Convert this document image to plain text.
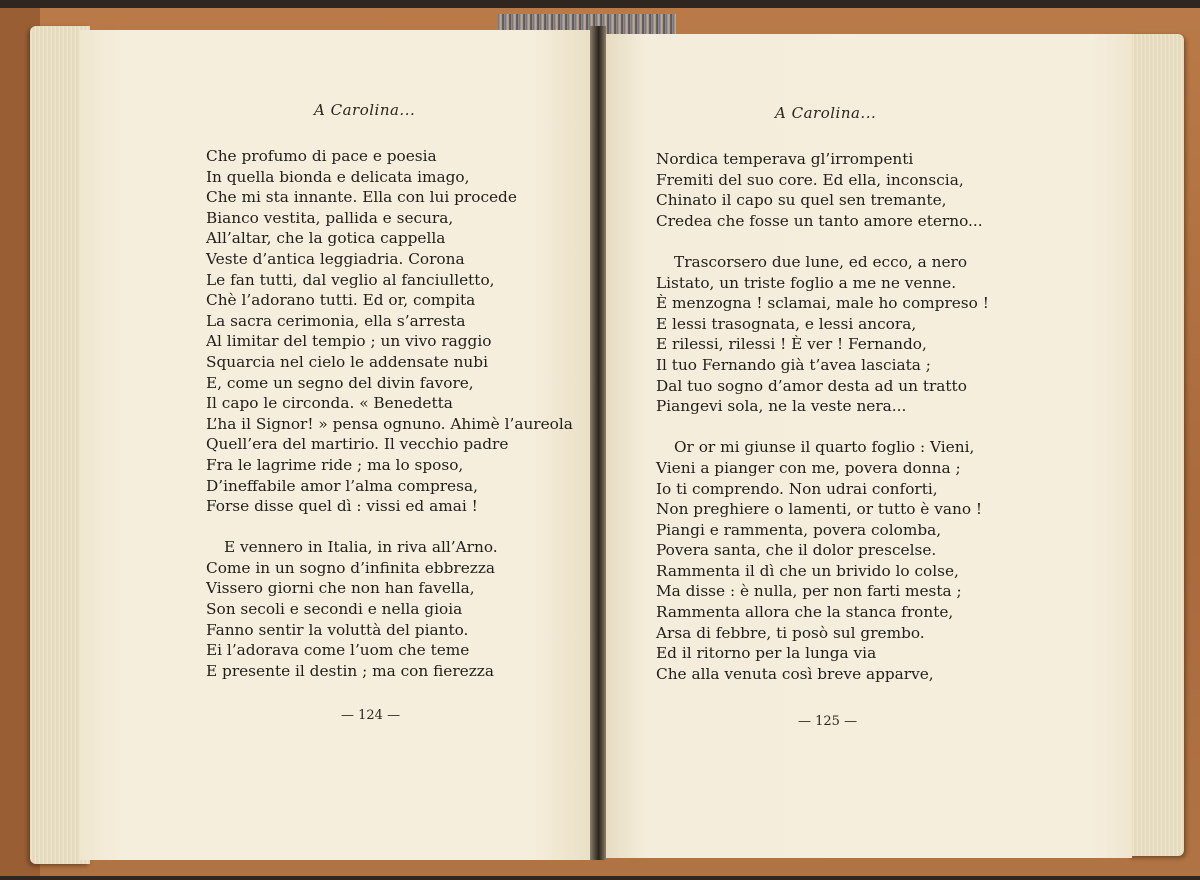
A Carolina...
Che profumo di pace e poesia
In quella bionda e delicata imago,
Che mi sta innante. Ella con lui procede
Bianco vestita, pallida e secura,
All’altar, che la gotica cappella
Veste d’antica leggiadria. Corona
Le fan tutti, dal veglio al fanciulletto,
Chè l’adorano tutti. Ed or, compita
La sacra cerimonia, ella s’arresta
Al limitar del tempio ; un vivo raggio
Squarcia nel cielo le addensate nubi
E, come un segno del divin favore,
Il capo le circonda. « Benedetta
L’ha il Signor! » pensa ognuno. Ahimè l’aureola
Quell’era del martirio. Il vecchio padre
Fra le lagrime ride ; ma lo sposo,
D’ineffabile amor l’alma compresa,
Forse disse quel dì : vissi ed amai !
E vennero in Italia, in riva all’Arno.
Come in un sogno d’infinita ebbrezza
Vissero giorni che non han favella,
Son secoli e secondi e nella gioia
Fanno sentir la voluttà del pianto.
Ei l’adorava come l’uom che teme
E presente il destin ; ma con fierezza
— 124 —
A Carolina...
Nordica temperava gl’irrompenti
Fremiti del suo core. Ed ella, inconscia,
Chinato il capo su quel sen tremante,
Credea che fosse un tanto amore eterno...
Trascorsero due lune, ed ecco, a nero
Listato, un triste foglio a me ne venne.
È menzogna ! sclamai, male ho compreso !
E lessi trasognata, e lessi ancora,
E rilessi, rilessi ! È ver ! Fernando,
Il tuo Fernando già t’avea lasciata ;
Dal tuo sogno d’amor desta ad un tratto
Piangevi sola, ne la veste nera...
Or or mi giunse il quarto foglio : Vieni,
Vieni a pianger con me, povera donna ;
Io ti comprendo. Non udrai conforti,
Non preghiere o lamenti, or tutto è vano !
Piangi e rammenta, povera colomba,
Povera santa, che il dolor prescelse.
Rammenta il dì che un brivido lo colse,
Ma disse : è nulla, per non farti mesta ;
Rammenta allora che la stanca fronte,
Arsa di febbre, ti posò sul grembo.
Ed il ritorno per la lunga via
Che alla venuta così breve apparve,
— 125 —
